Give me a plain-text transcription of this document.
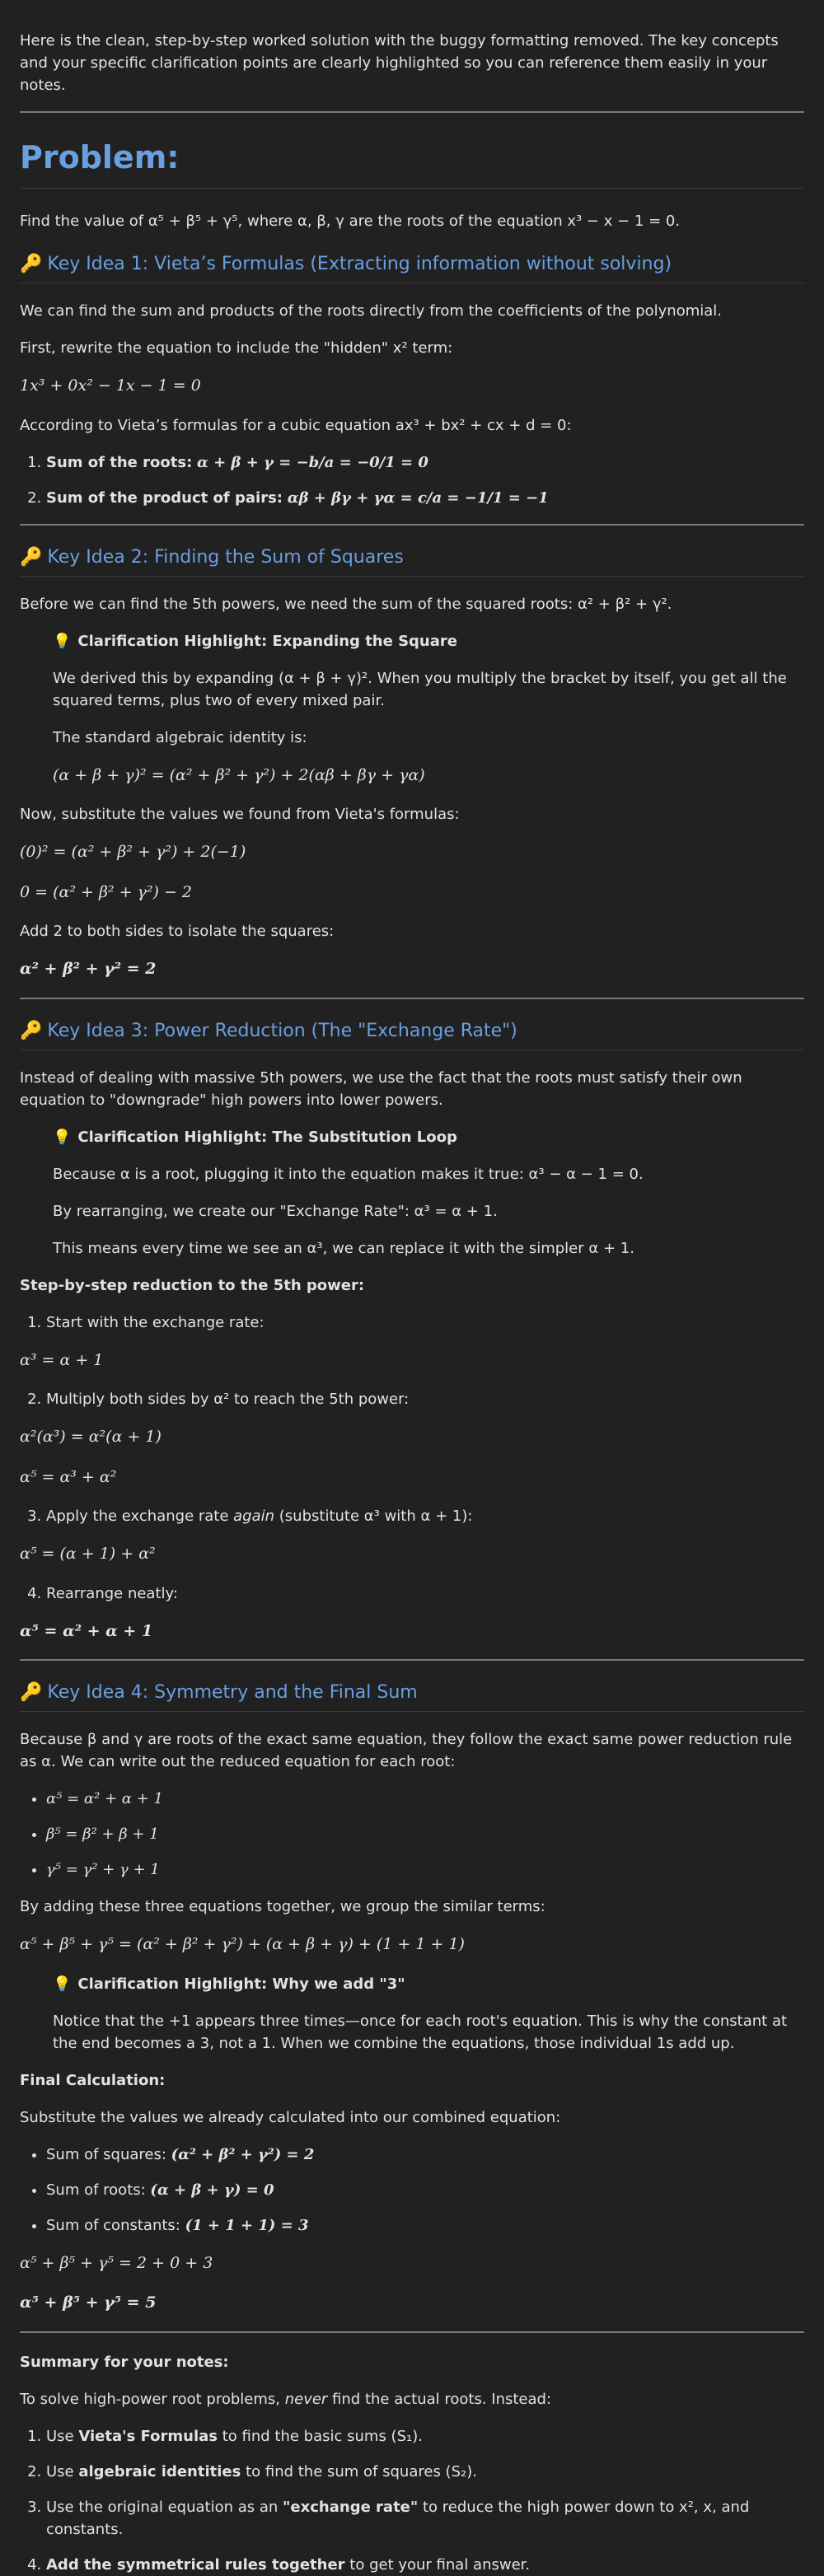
Here is the clean, step-by-step worked solution with the buggy formatting removed. The key concepts and your specific clarification points are clearly highlighted so you can reference them easily in your notes.

Problem:

Find the value of α⁵ + β⁵ + γ⁵, where α, β, γ are the roots of the equation x³ − x − 1 = 0.

🔑 Key Idea 1: Vieta’s Formulas (Extracting information without solving)

We can find the sum and products of the roots directly from the coefficients of the polynomial.

First, rewrite the equation to include the "hidden" x² term:

1x³ + 0x² − 1x − 1 = 0

According to Vieta’s formulas for a cubic equation ax³ + bx² + cx + d = 0:

1. Sum of the roots: α + β + γ = −b/a = −0/1 = 0
2. Sum of the product of pairs: αβ + βγ + γα = c/a = −1/1 = −1
🔑 Key Idea 2: Finding the Sum of Squares

Before we can find the 5th powers, we need the sum of the squared roots: α² + β² + γ².

💡 Clarification Highlight: Expanding the Square

We derived this by expanding (α + β + γ)². When you multiply the bracket by itself, you get all the squared terms, plus two of every mixed pair.

The standard algebraic identity is:

(α + β + γ)² = (α² + β² + γ²) + 2(αβ + βγ + γα)

Now, substitute the values we found from Vieta's formulas:

(0)² = (α² + β² + γ²) + 2(−1)
0 = (α² + β² + γ²) − 2

Add 2 to both sides to isolate the squares:

α² + β² + γ² = 2
🔑 Key Idea 3: Power Reduction (The "Exchange Rate")

Instead of dealing with massive 5th powers, we use the fact that the roots must satisfy their own equation to "downgrade" high powers into lower powers.

💡 Clarification Highlight: The Substitution Loop

Because α is a root, plugging it into the equation makes it true: α³ − α − 1 = 0.

By rearranging, we create our "Exchange Rate": α³ = α + 1.

This means every time we see an α³, we can replace it with the simpler α + 1.

Step-by-step reduction to the 5th power:

1. Start with the exchange rate:
α³ = α + 1
2. Multiply both sides by α² to reach the 5th power:
α²(α³) = α²(α + 1)
α⁵ = α³ + α²
3. Apply the exchange rate again (substitute α³ with α + 1):
α⁵ = (α + 1) + α²
4. Rearrange neatly:
α⁵ = α² + α + 1
🔑 Key Idea 4: Symmetry and the Final Sum

Because β and γ are roots of the exact same equation, they follow the exact same power reduction rule as α. We can write out the reduced equation for each root:

• α⁵ = α² + α + 1
• β⁵ = β² + β + 1
• γ⁵ = γ² + γ + 1

By adding these three equations together, we group the similar terms:

α⁵ + β⁵ + γ⁵ = (α² + β² + γ²) + (α + β + γ) + (1 + 1 + 1)
💡 Clarification Highlight: Why we add "3"

Notice that the +1 appears three times—once for each root's equation. This is why the constant at the end becomes a 3, not a 1. When we combine the equations, those individual 1s add up.

Final Calculation:

Substitute the values we already calculated into our combined equation:

• Sum of squares: (α² + β² + γ²) = 2
• Sum of roots: (α + β + γ) = 0
• Sum of constants: (1 + 1 + 1) = 3
α⁵ + β⁵ + γ⁵ = 2 + 0 + 3
α⁵ + β⁵ + γ⁵ = 5

Summary for your notes:

To solve high-power root problems, never find the actual roots. Instead:

1. Use Vieta's Formulas to find the basic sums (S₁).
2. Use algebraic identities to find the sum of squares (S₂).
3. Use the original equation as an "exchange rate" to reduce the high power down to x², x, and constants.
4. Add the symmetrical rules together to get your final answer.
